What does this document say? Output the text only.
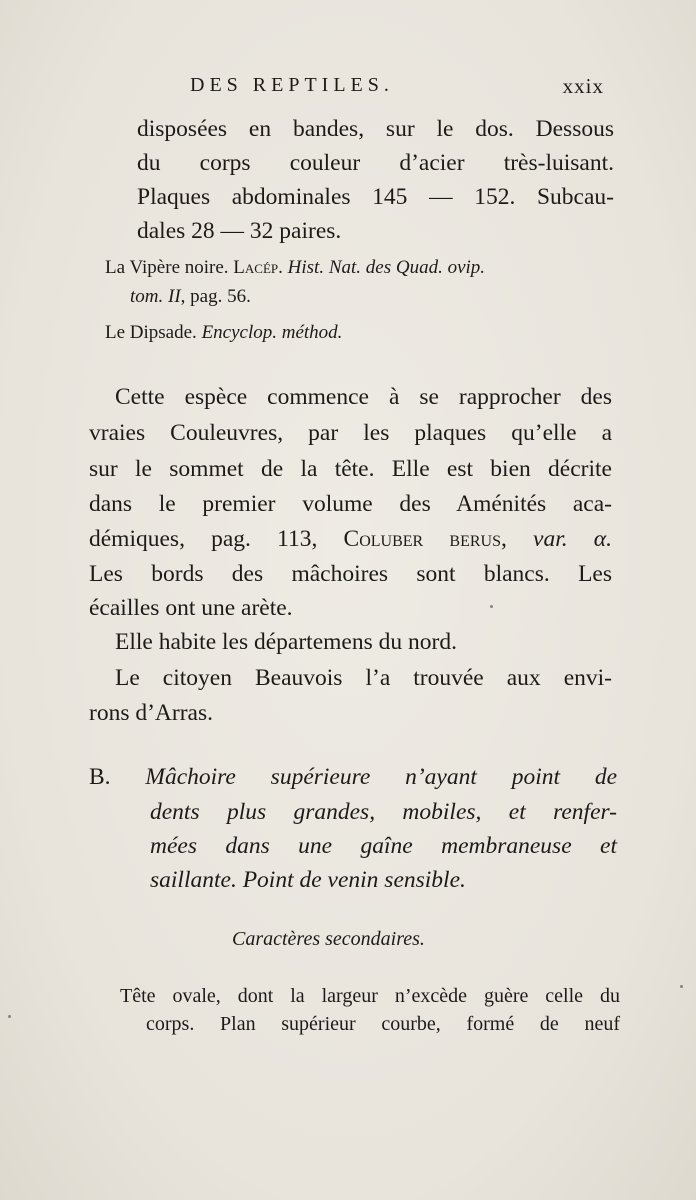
DES REPTILES.	xxix
disposées en bandes, sur le dos. Dessous
du corps couleur d’acier très-luisant.
Plaques abdominales 145 — 152. Subcau-
dales 28 — 32 paires.
La Vipère noire. Lacép. Hist. Nat. des Quad. ovip.
tom. II, pag. 56.
Le Dipsade. Encyclop. méthod.
Cette espèce commence à se rapprocher des
vraies Couleuvres, par les plaques qu’elle a
sur le sommet de la tête. Elle est bien décrite
dans le premier volume des Aménités aca-
démiques, pag. 113, Coluber berus, var. α.
Les bords des mâchoires sont blancs. Les
écailles ont une arète.
Elle habite les départemens du nord.
Le citoyen Beauvois l’a trouvée aux envi-
rons d’Arras.
B. Mâchoire supérieure n’ayant point de
dents plus grandes, mobiles, et renfer-
mées dans une gaîne membraneuse et
saillante. Point de venin sensible.
Caractères secondaires.
Tête ovale, dont la largeur n’excède guère celle du
corps. Plan supérieur courbe, formé de neuf
